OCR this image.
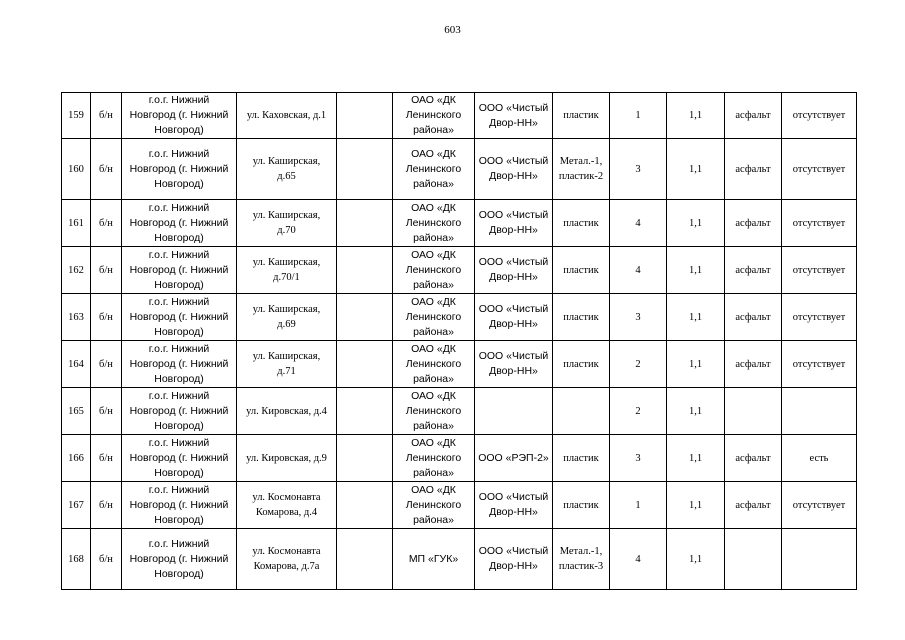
603
159	б/н	г.о.г. Нижний
Новгород (г. Нижний
Новгород)	ул. Каховская, д.1		ОАО «ДК
Ленинского
района»	ООО «Чистый
Двор-НН»	пластик	1	1,1	асфальт	отсутствует
160	б/н	г.о.г. Нижний
Новгород (г. Нижний
Новгород)	ул. Каширская,
д.65		ОАО «ДК
Ленинского
района»	ООО «Чистый
Двор-НН»	Метал.-1,
пластик-2	3	1,1	асфальт	отсутствует
161	б/н	г.о.г. Нижний
Новгород (г. Нижний
Новгород)	ул. Каширская,
д.70		ОАО «ДК
Ленинского
района»	ООО «Чистый
Двор-НН»	пластик	4	1,1	асфальт	отсутствует
162	б/н	г.о.г. Нижний
Новгород (г. Нижний
Новгород)	ул. Каширская,
д.70/1		ОАО «ДК
Ленинского
района»	ООО «Чистый
Двор-НН»	пластик	4	1,1	асфальт	отсутствует
163	б/н	г.о.г. Нижний
Новгород (г. Нижний
Новгород)	ул. Каширская,
д.69		ОАО «ДК
Ленинского
района»	ООО «Чистый
Двор-НН»	пластик	3	1,1	асфальт	отсутствует
164	б/н	г.о.г. Нижний
Новгород (г. Нижний
Новгород)	ул. Каширская,
д.71		ОАО «ДК
Ленинского
района»	ООО «Чистый
Двор-НН»	пластик	2	1,1	асфальт	отсутствует
165	б/н	г.о.г. Нижний
Новгород (г. Нижний
Новгород)	ул. Кировская, д.4		ОАО «ДК
Ленинского
района»			2	1,1		
166	б/н	г.о.г. Нижний
Новгород (г. Нижний
Новгород)	ул. Кировская, д.9		ОАО «ДК
Ленинского
района»	ООО «РЭП-2»	пластик	3	1,1	асфальт	есть
167	б/н	г.о.г. Нижний
Новгород (г. Нижний
Новгород)	ул. Космонавта
Комарова, д.4		ОАО «ДК
Ленинского
района»	ООО «Чистый
Двор-НН»	пластик	1	1,1	асфальт	отсутствует
168	б/н	г.о.г. Нижний
Новгород (г. Нижний
Новгород)	ул. Космонавта
Комарова, д.7а		МП «ГУК»	ООО «Чистый
Двор-НН»	Метал.-1,
пластик-3	4	1,1		
